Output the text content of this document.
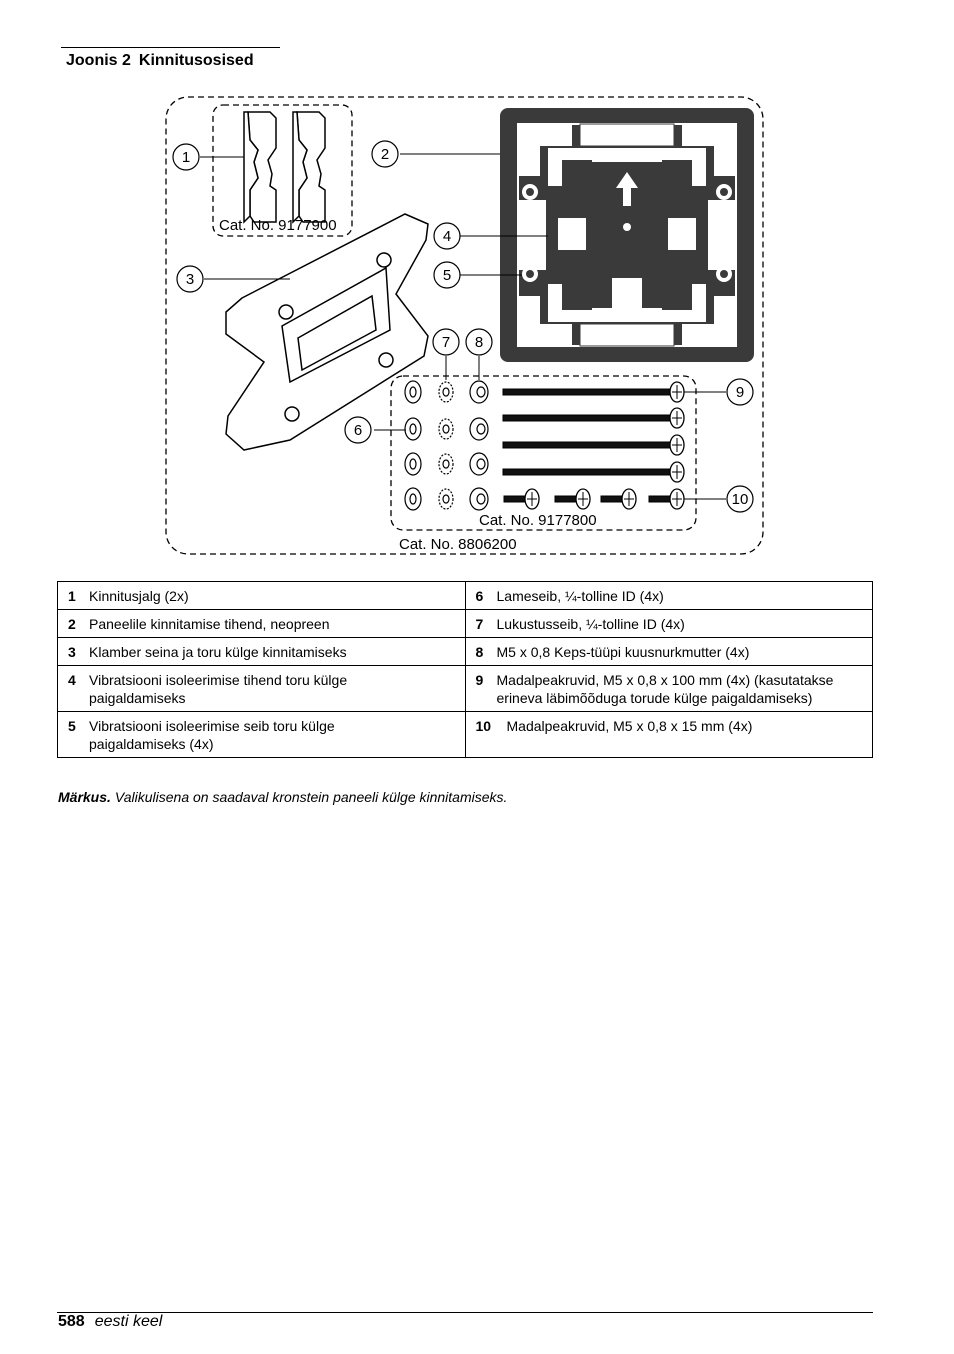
Joonis 2 Kinnitusosised
UP
1	2
3
4
5
6
7 8
9
10
Cat. No. 9177900
Cat. No. 9177800
Cat. No. 8806200
1 Kinnitusjalg (2x)	6 Lameseib, ¼-tolline ID (4x)
2 Paneelile kinnitamise tihend, neopreen	7 Lukustusseib, ¼-tolline ID (4x)
3 Klamber seina ja toru külge kinnitamiseks	8 M5 x 0,8 Keps-tüüpi kuusnurkmutter (4x)
4 Vibratsiooni isoleerimise tihend toru külge paigaldamiseks	9 Madalpeakruvid, M5 x 0,8 x 100 mm (4x) (kasutatakse erineva läbimõõduga torude külge paigaldamiseks)
5 Vibratsiooni isoleerimise seib toru külge paigaldamiseks (4x)	10 Madalpeakruvid, M5 x 0,8 x 15 mm (4x)
Märkus. Valikulisena on saadaval kronstein paneeli külge kinnitamiseks.
588 eesti keel
